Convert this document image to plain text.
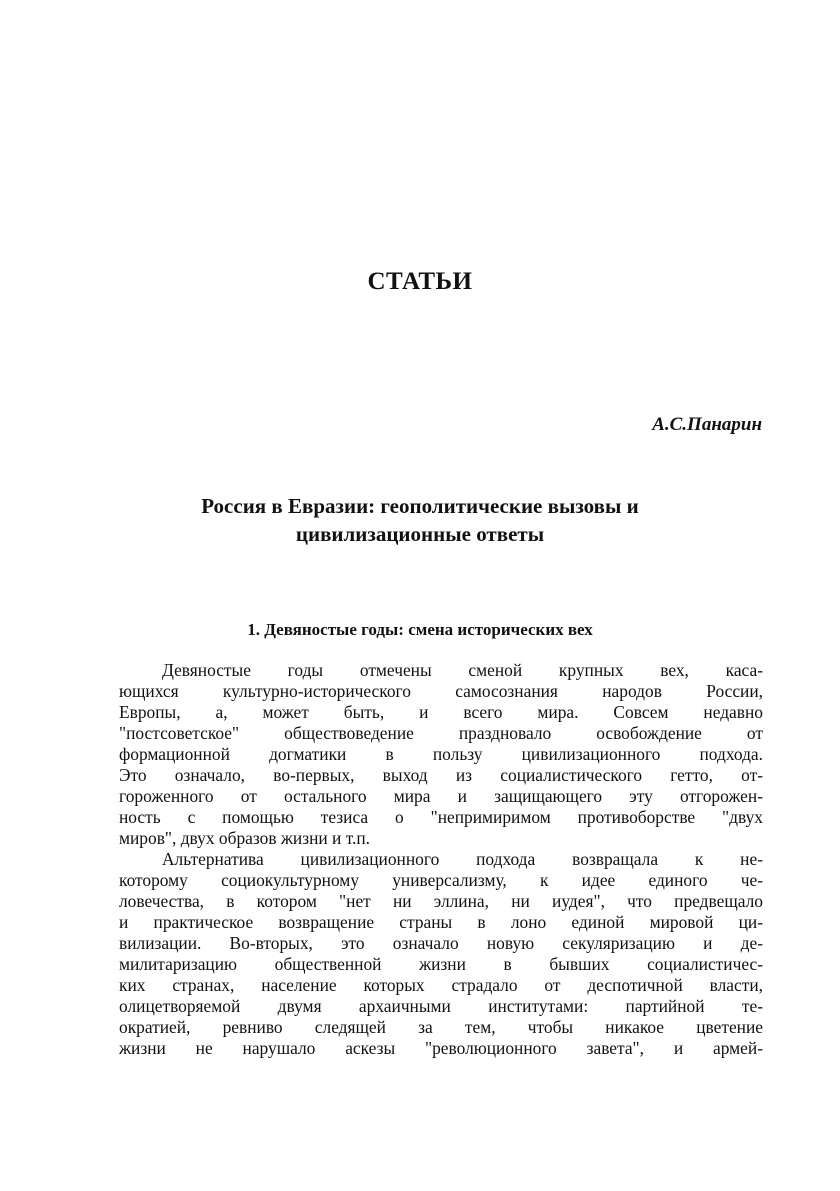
СТАТЬИ
А.С.Панарин
Россия в Евразии: геополитические вызовы и
цивилизационные ответы
1. Девяностые годы: смена исторических вех
Девяностые годы отмечены сменой крупных вех, каса-
ющихся культурно-исторического самосознания народов России,
Европы, а, может быть, и всего мира. Совсем недавно
"постсоветское" обществоведение праздновало освобождение от
формационной догматики в пользу цивилизационного подхода.
Это означало, во-первых, выход из социалистического гетто, от-
гороженного от остального мира и защищающего эту отгорожен-
ность с помощью тезиса о "непримиримом противоборстве "двух
миров", двух образов жизни и т.п.
Альтернатива цивилизационного подхода возвращала к не-
которому социокультурному универсализму, к идее единого че-
ловечества, в котором "нет ни эллина, ни иудея", что предвещало
и практическое возвращение страны в лоно единой мировой ци-
вилизации. Во-вторых, это означало новую секуляризацию и де-
милитаризацию общественной жизни в бывших социалистичес-
ких странах, население которых страдало от деспотичной власти,
олицетворяемой двумя архаичными институтами: партийной те-
ократией, ревниво следящей за тем, чтобы никакое цветение
жизни не нарушало аскезы "революционного завета", и армей-
